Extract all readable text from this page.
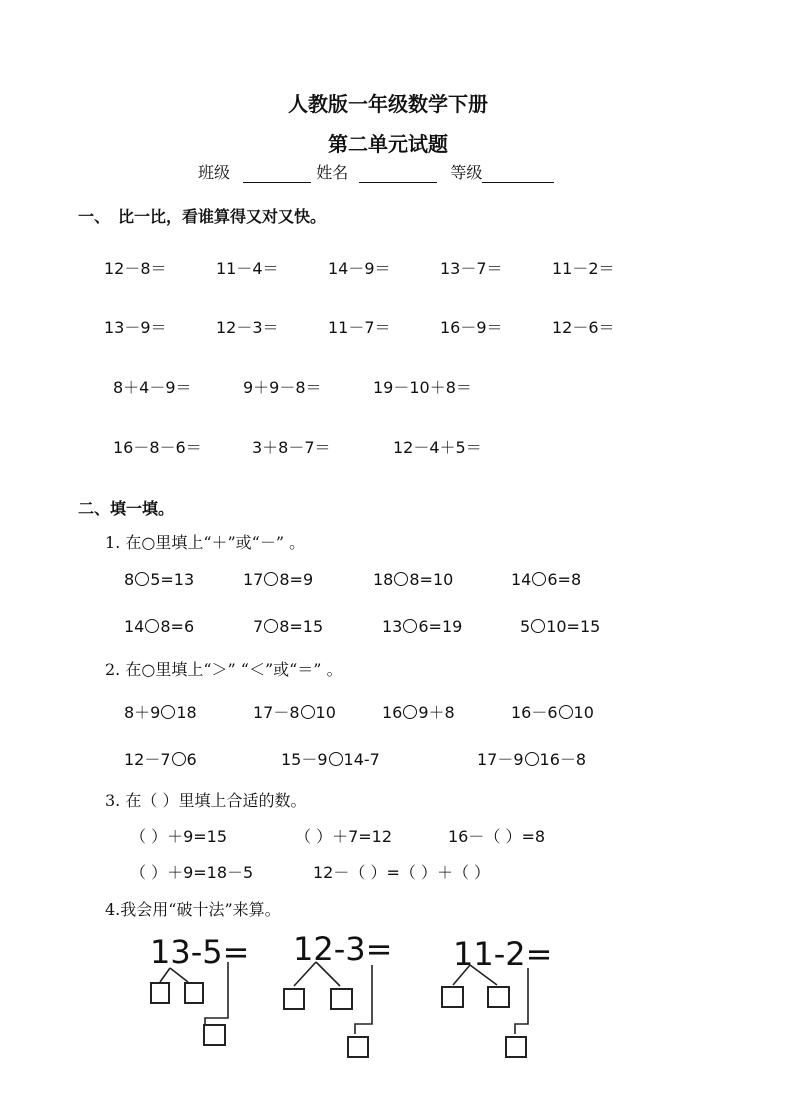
人教版一年级数学下册
第二单元试题
班级	姓名	等级
一、　比一比，看谁算得又对又快。
12－8＝	11－4＝	14－9＝	13－7＝	11－2＝
13－9＝	12－3＝	11－7＝	16－9＝	12－6＝
8＋4－9＝	9＋9－8＝	19－10＋8＝
16－8－6＝	3＋8－7＝	12－4＋5＝
二、填一填。
1. 在○里填上“＋”或“－” 。
8 5=13	17 8=9	18 8=10	14 6=8
14 8=6	7 8=15	13 6=19	5 10=15
2. 在○里填上“＞” “＜”或“＝” 。
8＋9 18	17－8 10	16 9＋8	16－6 10
12－7 6	15－9 14-7	17－9 16－8
3. 在（ ）里填上合适的数。
（ ）＋9=15	（ ）＋7=12	16－（ ）=8
（ ）＋9=18－5	12－（ ）=（ ）＋（ ）
4.我会用“破十法”来算。
13-5= 12-3= 11-2=
